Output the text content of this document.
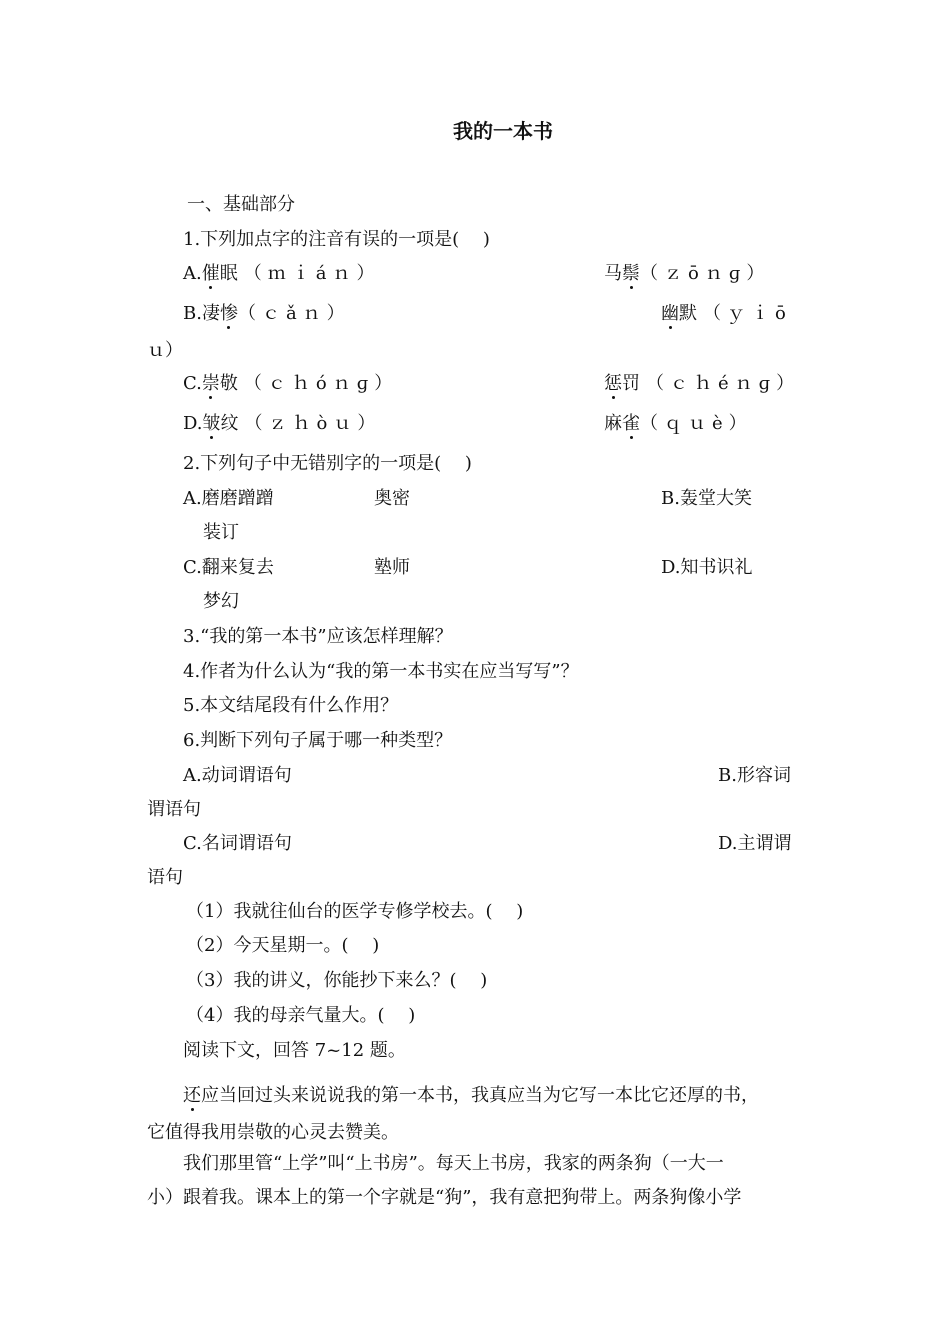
我的一本书
一、基础部分
1.下列加点字的注音有误的一项是(　 )
A.催眠（ｍｉáｎ）	马鬃（ｚōｎɡ）
B.凄惨（ｃǎｎ）	幽默（ｙｉō
ｕ）
C.崇敬（ｃｈóｎɡ）	惩罚（ｃｈéｎɡ）
D.皱纹（ｚｈòｕ）	麻雀（ｑｕè）
2.下列句子中无错别字的一项是(　 )
A.磨磨蹭蹭	奥密	B.轰堂大笑
装订
C.翻来复去	塾师	D.知书识礼
梦幻
3.“我的第一本书”应该怎样理解？
4.作者为什么认为“我的第一本书实在应当写写”？
5.本文结尾段有什么作用？
6.判断下列句子属于哪一种类型？
A.动词谓语句	B.形容词
谓语句
C.名词谓语句	D.主谓谓
语句
（1）我就往仙台的医学专修学校去。(　 )
（2）今天星期一。(　 )
（3）我的讲义，你能抄下来么？(　 )
（4）我的母亲气量大。(　 )
阅读下文，回答 7~12 题。
还应当回过头来说说我的第一本书，我真应当为它写一本比它还厚的书，
它值得我用崇敬的心灵去赞美。
我们那里管“上学”叫“上书房”。每天上书房，我家的两条狗（一大一
小）跟着我。课本上的第一个字就是“狗”，我有意把狗带上。两条狗像小学
